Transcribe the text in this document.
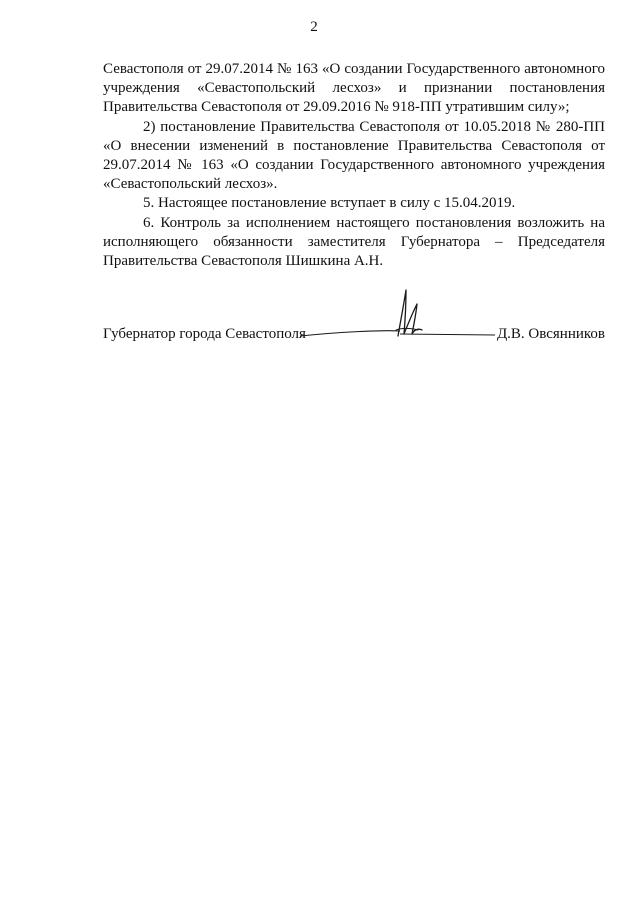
2

Севастополя от 29.07.2014 № 163 «О создании Государственного автономного учреждения «Севастопольский лесхоз» и признании постановления Правительства Севастополя от 29.09.2016 № 918-ПП утратившим силу»;

2) постановление Правительства Севастополя от 10.05.2018 № 280-ПП «О внесении изменений в постановление Правительства Севастополя от 29.07.2014 № 163 «О создании Государственного автономного учреждения «Севастопольский лесхоз».

5. Настоящее постановление вступает в силу с 15.04.2019.

6. Контроль за исполнением настоящего постановления возложить на исполняющего обязанности заместителя Губернатора – Председателя Правительства Севастополя Шишкина А.Н.

Губернатор города Севастополя	Д.В. Овсянников
